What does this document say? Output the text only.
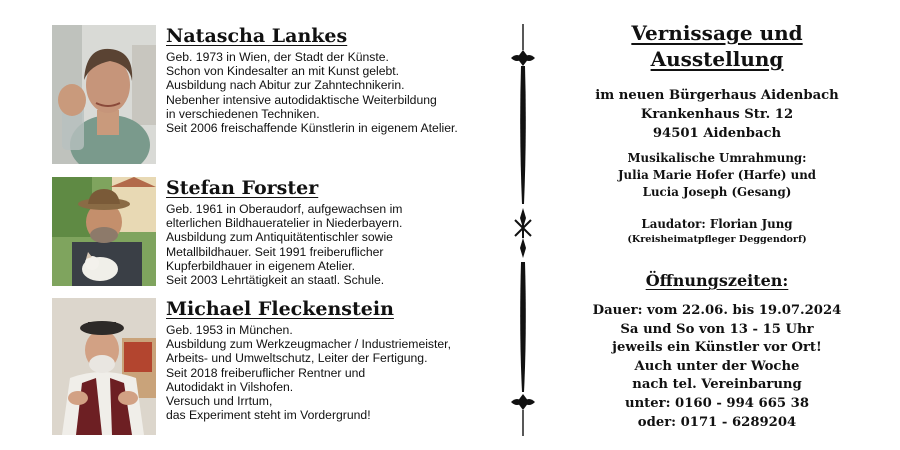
Natascha Lankes
Geb. 1973 in Wien, der Stadt der Künste.
Schon von Kindesalter an mit Kunst gelebt.
Ausbildung nach Abitur zur Zahntechnikerin.
Nebenher intensive autodidaktische Weiterbildung
in verschiedenen Techniken.
Seit 2006 freischaffende Künstlerin in eigenem Atelier.
Stefan Forster
Geb. 1961 in Oberaudorf, aufgewachsen im
elterlichen Bildhaueratelier in Niederbayern.
Ausbildung zum Antiquitätentischler sowie
Metallbildhauer. Seit 1991 freiberuflicher
Kupferbildhauer in eigenem Atelier.
Seit 2003 Lehrtätigkeit an staatl. Schule.
Michael Fleckenstein
Geb. 1953 in München.
Ausbildung zum Werkzeugmacher / Industriemeister,
Arbeits- und Umweltschutz, Leiter der Fertigung.
Seit 2018 freiberuflicher Rentner und
Autodidakt in Vilshofen.
Versuch und Irrtum,
das Experiment steht im Vordergrund!
Vernissage und
Ausstellung
im neuen Bürgerhaus Aidenbach
Krankenhaus Str. 12
94501 Aidenbach
Musikalische Umrahmung:
Julia Marie Hofer (Harfe) und
Lucia Joseph (Gesang)
Laudator: Florian Jung
(Kreisheimatpfleger Deggendorf)
Öffnungszeiten:
Dauer: vom 22.06. bis 19.07.2024
Sa und So von 13 - 15 Uhr
jeweils ein Künstler vor Ort!
Auch unter der Woche
nach tel. Vereinbarung
unter: 0160 - 994 665 38
oder: 0171 - 6289204
